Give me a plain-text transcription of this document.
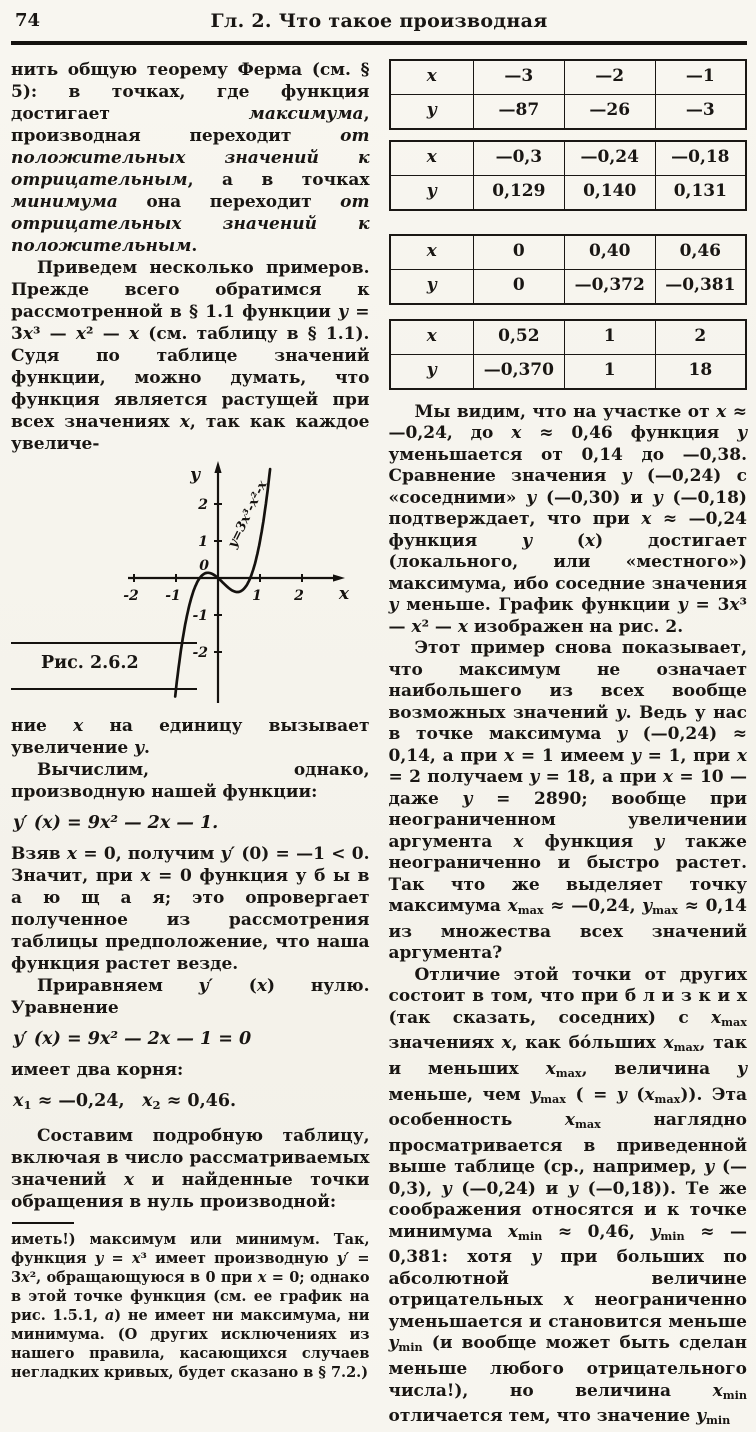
74	Гл. 2. Что такое производная

нить общую теорему Ферма (см. § 5): в точках, где функция достигает максимума, производная переходит от положительных значений к отрицательным, а в точках минимума она переходит от отрицательных значений к положительным.

Приведем несколько примеров. Прежде всего обратимся к рассмотренной в § 1.1 функции y = 3x³ — x² — x (см. таблицу в § 1.1). Судя по таблице значений функции, можно думать, что функция является растущей при всех значениях x, так как каждое увеличе-

-2 -1	1 2
-2
-1
1
2
0
y
x
y=3x³-x²-x
Рис. 2.6.2

ние x на единицу вызывает увеличение y.

Вычислим, однако, производную нашей функции:

y′ (x) = 9x² — 2x — 1.

Взяв x = 0, получим y′ (0) = —1 < 0. Значит, при x = 0 функция у б ы в а ю щ а я; это опровергает полученное из рассмотрения таблицы предположение, что наша функция растет везде.

Приравняем y′ (x) нулю. Уравнение

y′ (x) = 9x² — 2x — 1 = 0

имеет два корня:

x1 ≈ —0,24,  x2 ≈ 0,46.

Составим подробную таблицу, включая в число рассматриваемых значений x и найденные точки обращения в нуль производной:

иметь!) максимум или минимум. Так, функция y = x³ имеет производную y′ = 3x², обращающуюся в 0 при x = 0; однако в этой точке функция (см. ее график на рис. 1.5.1, а) не имеет ни максимума, ни минимума. (О других исключениях из нашего правила, касающихся случаев негладких кривых, будет сказано в § 7.2.)

x	—3	—2	—1
y	—87	—26	—3
x	—0,3	—0,24	—0,18
y	0,129	0,140	0,131
x	0	0,40	0,46
y	0	—0,372	—0,381
x	0,52	1	2
y	—0,370	1	18

Мы видим, что на участке от x ≈ —0,24, до x ≈ 0,46 функция y уменьшается от 0,14 до —0,38. Сравнение значения y (—0,24) с «соседними» y (—0,30) и y (—0,18) подтверждает, что при x ≈ —0,24 функция y (x) достигает (локального, или «местного») максимума, ибо соседние значения y меньше. График функции y = 3x³ — x² — x изображен на рис. 2.

Этот пример снова показывает, что максимум не означает наибольшего из всех вообще возможных значений y. Ведь у нас в точке максимума y (—0,24) ≈ 0,14, а при x = 1 имеем y = 1, при x = 2 получаем y = 18, а при x = 10 — даже y = 2890; вообще при неограниченном увеличении аргумента x функция y также неограниченно и быстро растет. Так что же выделяет точку максимума xmax ≈ —0,24, ymax ≈ 0,14 из множества всех значений аргумента?

Отличие этой точки от других состоит в том, что при б л и з к и х (так сказать, соседних) с xmax значениях x, как бо́льших xmax, так и меньших xmax, величина y меньше, чем ymax ( = y (xmax)). Эта особенность xmax наглядно просматривается в приведенной выше таблице (ср., например, y (—0,3), y (—0,24) и y (—0,18)). Те же соображения относятся и к точке минимума xmin ≈ 0,46, ymin ≈ —0,381: хотя y при больших по абсолютной величине отрицательных x неограниченно уменьшается и становится меньше ymin (и вообще может быть сделан меньше любого отрицательного числа!), но величина xmin отличается тем, что значение ymin
